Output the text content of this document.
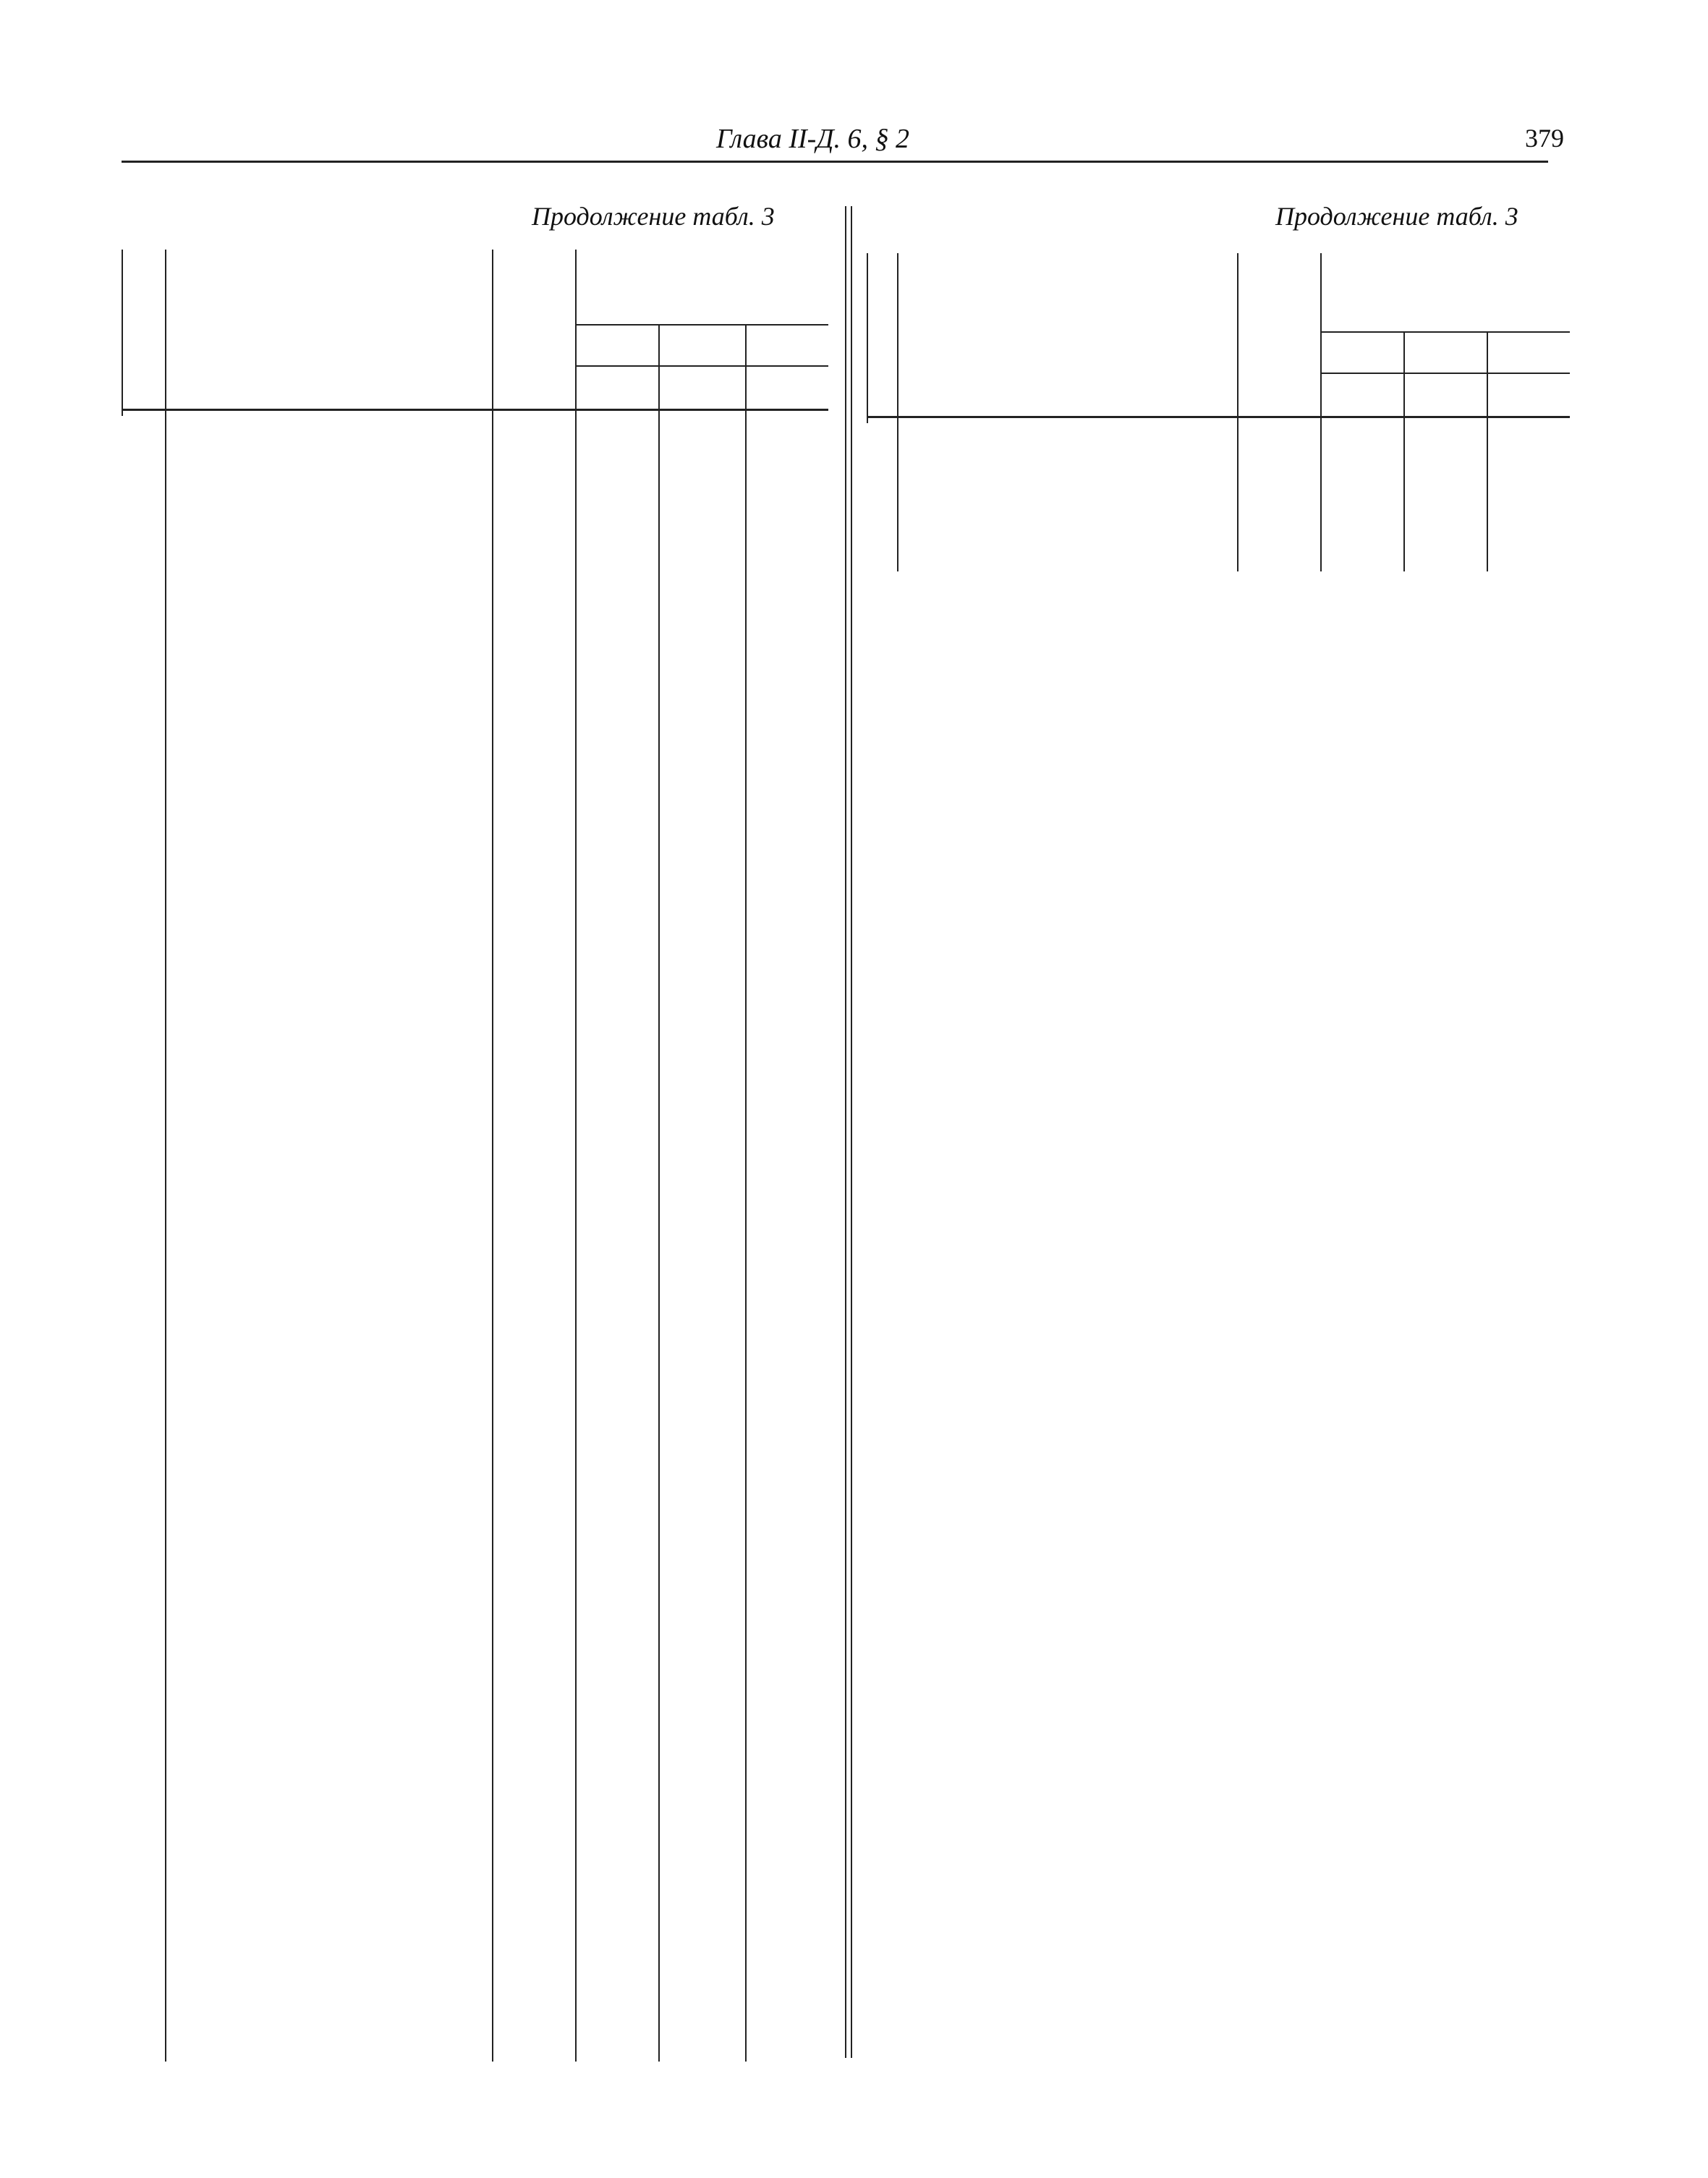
Глава II-Д. 6, § 2	379
Продолжение табл. 3	Продолжение табл. 3
